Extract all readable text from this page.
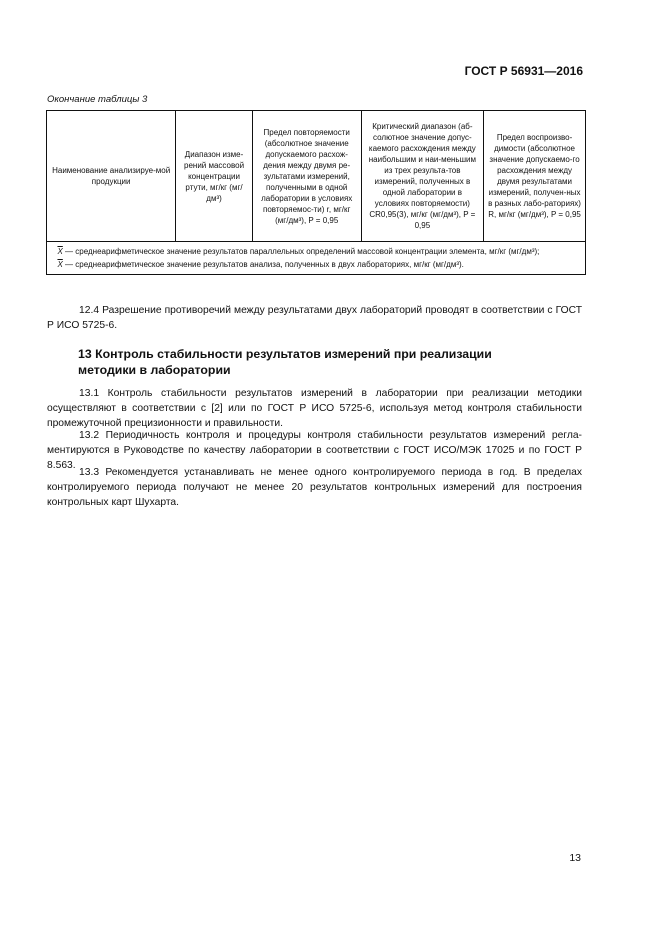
ГОСТ Р 56931—2016
Окончание таблицы 3
Наименование анализируе-мой продукции	Диапазон изме-рений массовой концентрации ртути, мг/кг (мг/дм³)	Предел повторяемости (абсолютное значение допускаемого расхож-дения между двумя ре-зультатами измерений, полученными в одной лаборатории в условиях повторяемос-ти) r, мг/кг (мг/дм³), P = 0,95	Критический диапазон (аб-солютное значение допус-каемого расхождения между наибольшим и наи-меньшим из трех результа-тов измерений, полученных в одной лаборатории в условиях повторяемости) CR0,95(3), мг/кг (мг/дм³), P = 0,95	Предел воспроизво-димости (абсолютное значение допускаемо-го расхождения между двумя результатами измерений, получен-ных в разных лабо-раториях) R, мг/кг (мг/дм³), P = 0,95

$\overline{X}$ — среднеарифметическое значение результатов параллельных определений массовой концентрации элемента, мг/кг (мг/дм³);
$\overline{X}$ — среднеарифметическое значение результатов анализа, полученных в двух лабораториях, мг/кг (мг/дм³).
12.4 Разрешение противоречий между результатами двух лабораторий проводят в соответствии с ГОСТ Р ИСО 5725-6.
13 Контроль стабильности результатов измерений при реализации методики в лаборатории
13.1 Контроль стабильности результатов измерений в лаборатории при реализации методики осуществляют в соответствии с [2] или по ГОСТ Р ИСО 5725-6, используя метод контроля стабильности промежуточной прецизионности и правильности.
13.2 Периодичность контроля и процедуры контроля стабильности результатов измерений регла-ментируются в Руководстве по качеству лаборатории в соответствии с ГОСТ ИСО/МЭК 17025 и по ГОСТ Р 8.563.
13.3 Рекомендуется устанавливать не менее одного контролируемого периода в год. В пределах контролируемого периода получают не менее 20 результатов контрольных измерений для построения контрольных карт Шухарта.
13
